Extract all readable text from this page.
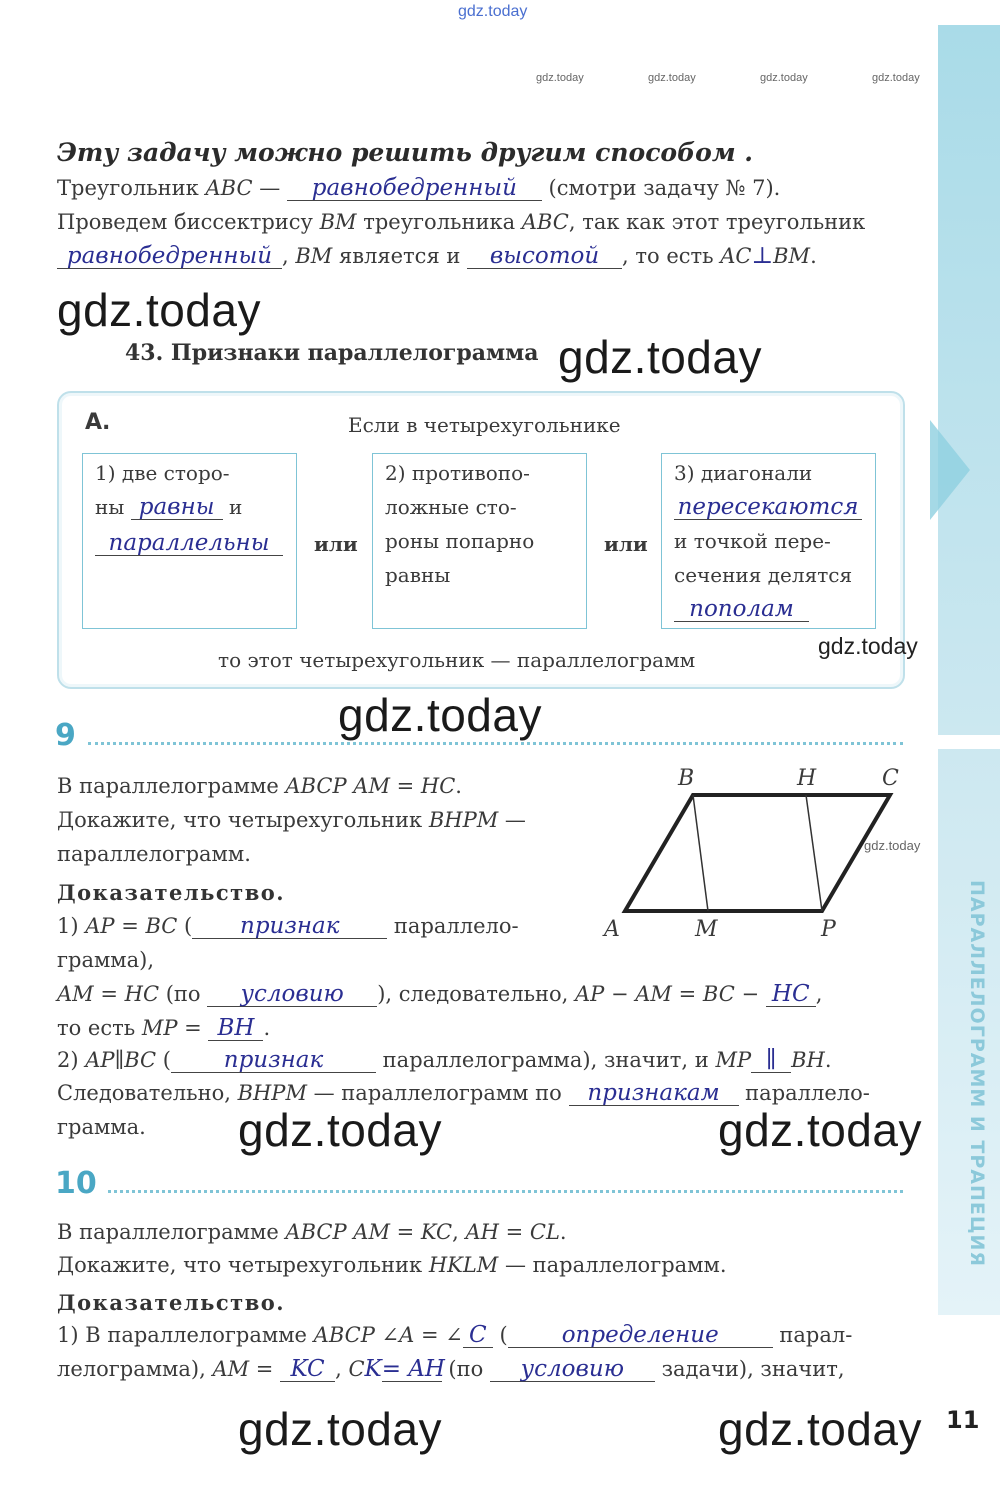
ПАРАЛЛЕЛОГРАММ И ТРАПЕЦИЯ
gdz.today
gdz.today	gdz.today	gdz.today	gdz.today
Эту задачу можно решить другим способом .
Треугольник ABC — равнобедренный (смотри задачу № 7).
Проведем биссектрису BM треугольника ABC, так как этот треугольник
равнобедренный , BM является и высотой , то есть AC⊥BM.
gdz.today
43. Признаки параллелограмма gdz.today
А.	Если в четырехугольнике
1) две сторо-
ны равны и
параллельны	или
2) противопо-
ложные сто-
роны попарно
равны
или
3) диагонали
пересекаются
и точкой пере-
сечения делятся
пополам
то этот четырехугольник — параллелограмм
gdz.today
gdz.today
9
В параллелограмме ABCP AM = HC.
Докажите, что четырехугольник BHPM —
параллелограмм.
B	H	C
A	M	P
gdz.today
Доказательство.
1) AP = BC ( признак параллело-
грамма),
AM = HC (по условию ), следовательно, AP − AM = BC − HC ,
то есть MP = BH .
2) AP∥BC ( признак	параллелограмма), значит, и MP ∥ BH.
Следовательно, BHPM — параллелограмм по признакам параллело-
грамма. gdz.today	gdz.today
10
В параллелограмме ABCP AM = KC, AH = CL.
Докажите, что четырехугольник HKLM — параллелограмм.
Доказательство.
1) В параллелограмме ABCP ∠A = ∠ C ( определение	парал-
лелограмма), AM = KC , CK= AH (по условию задачи), значит,
gdz.today	gdz.today 11
